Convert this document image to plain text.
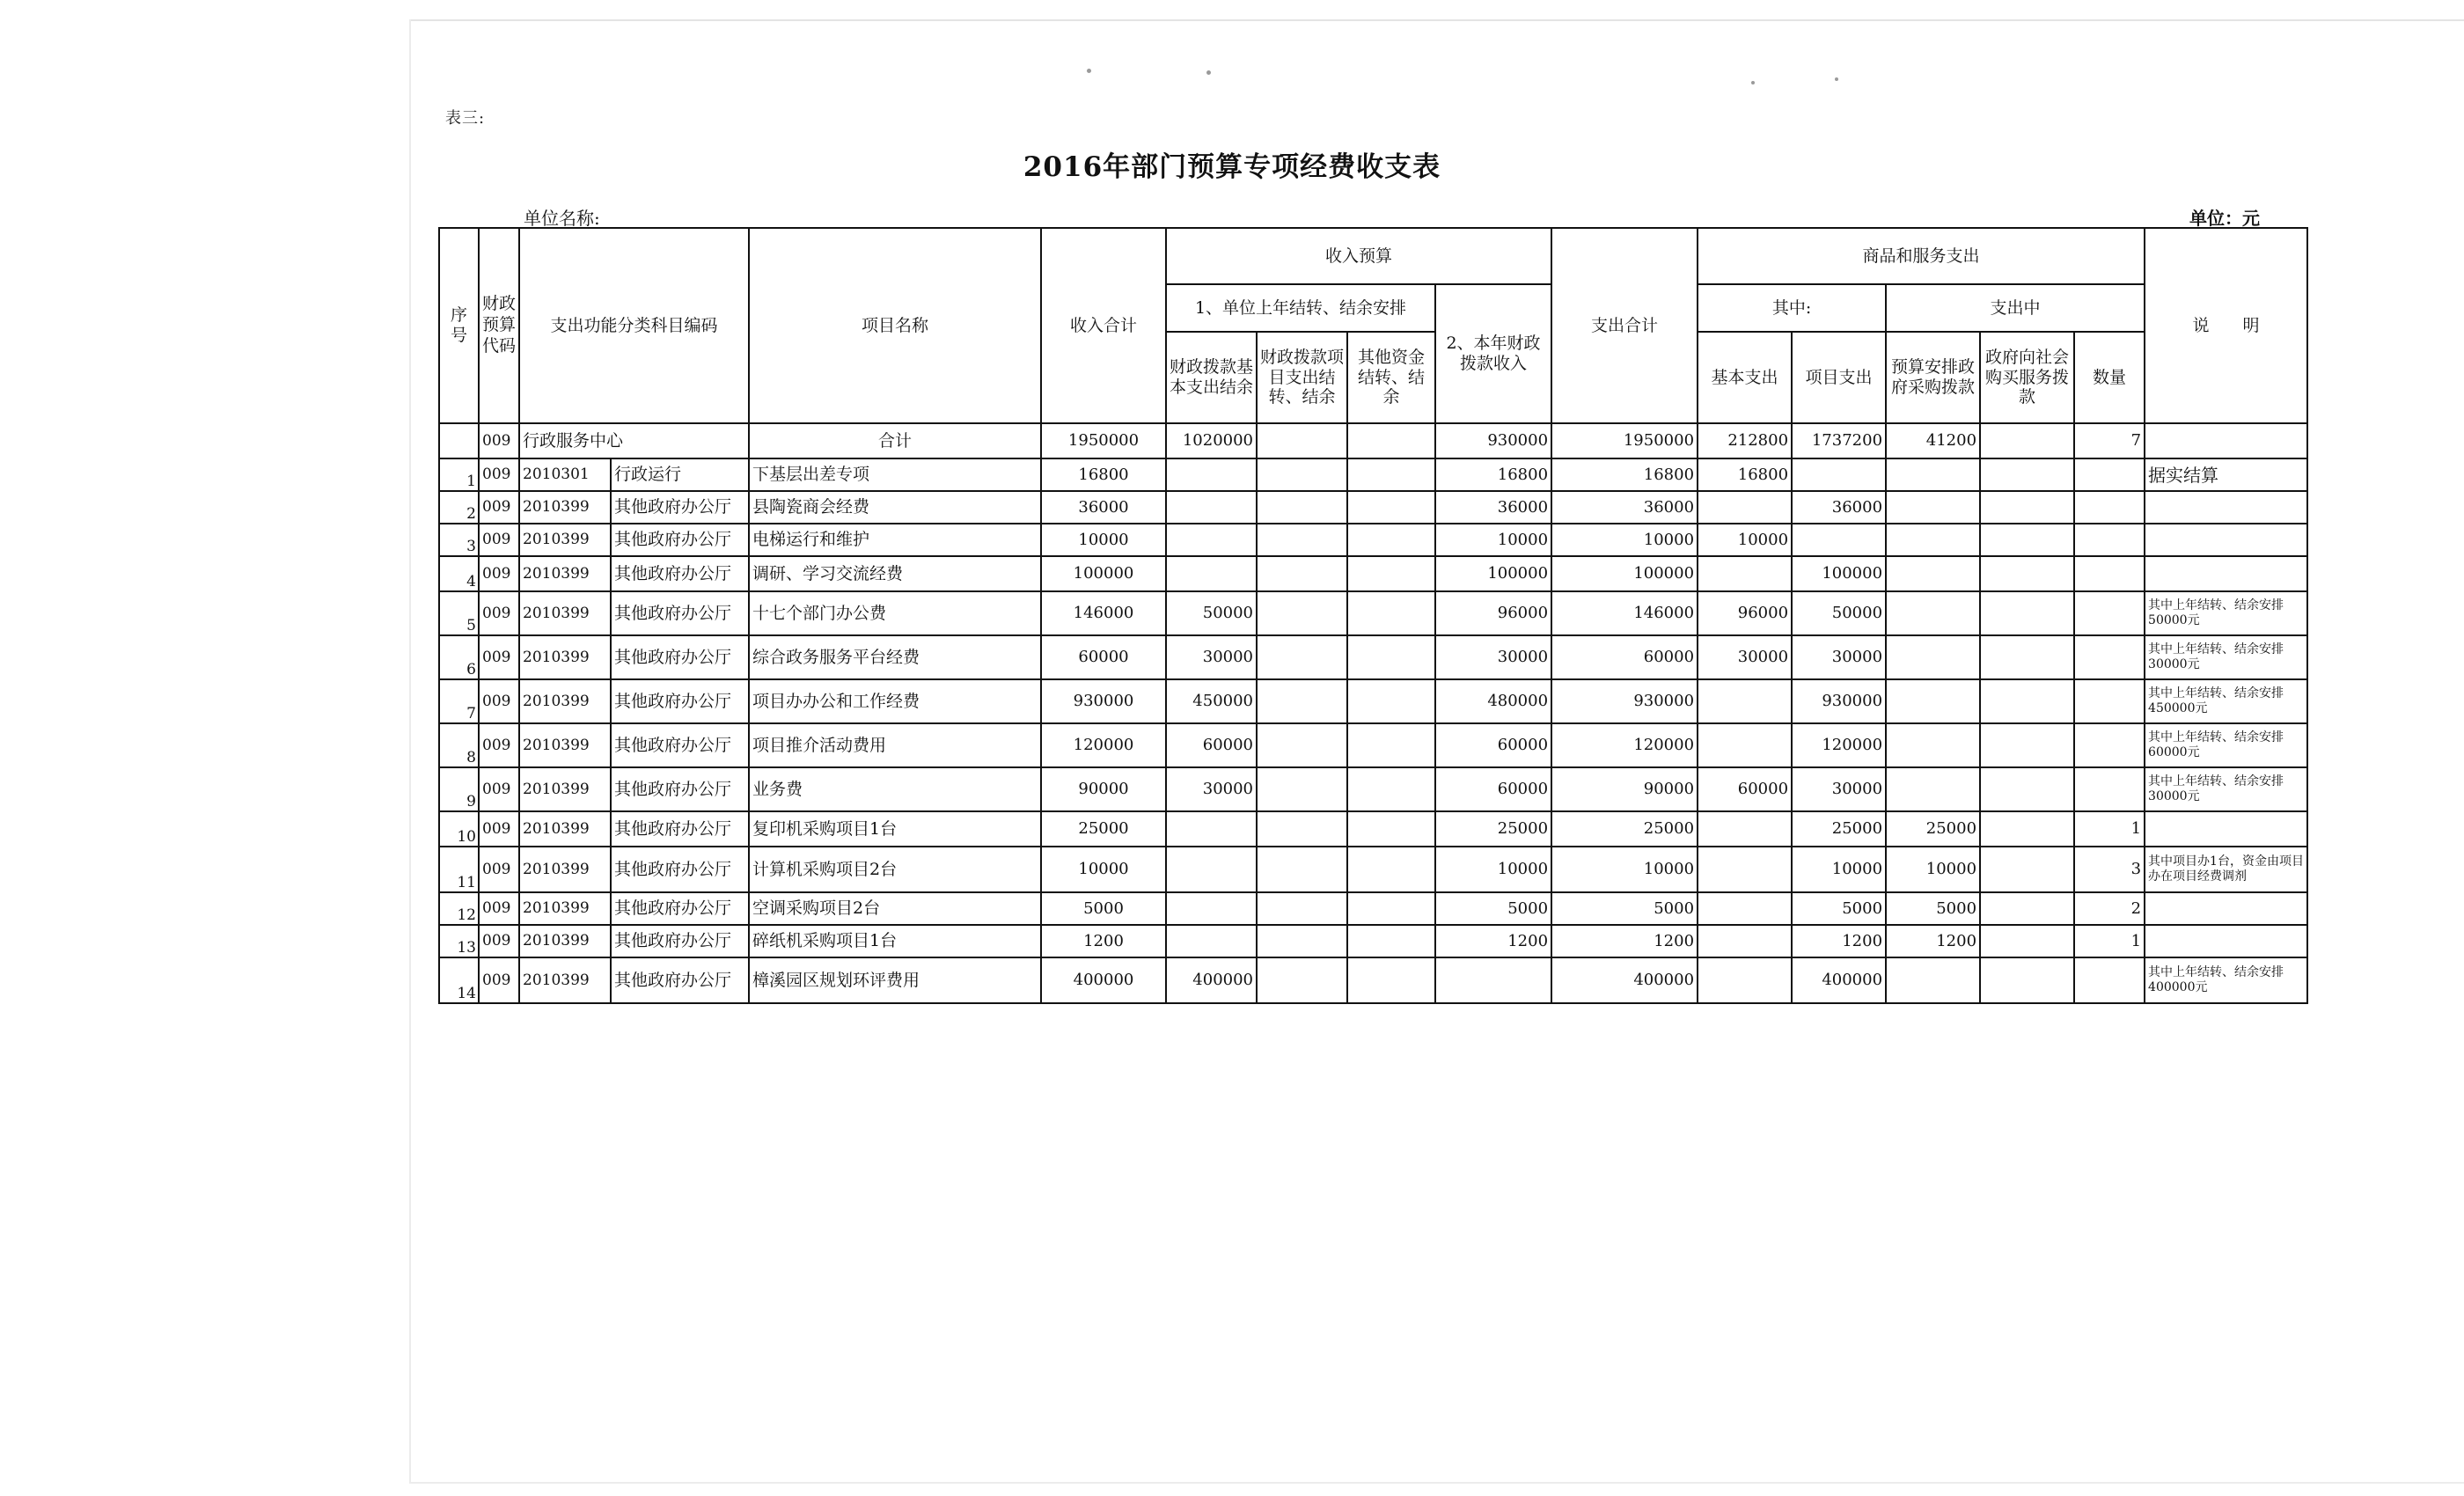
表三:
2016年部门预算专项经费收支表
单位名称:	单位：元
序号	财政预算代码	支出功能分类科目编码		项目名称	收入合计	收入预算				支出合计	商品和服务支出					说　　明
						1、单位上年结转、结余安排			2、本年财政拨款收入		其中:		支出中			
						财政拨款基本支出结余	财政拨款项目支出结转、结余	其他资金结转、结余			基本支出	项目支出	预算安排政府采购拨款	政府向社会购买服务拨款	数量	
	009	行政服务中心		合计	1950000	1020000			930000	1950000	212800	1737200	41200		7	
1	009	2010301	行政运行	下基层出差专项	16800				16800	16800	16800					据实结算
2	009	2010399	其他政府办公厅	县陶瓷商会经费	36000				36000	36000		36000				
3	009	2010399	其他政府办公厅	电梯运行和维护	10000				10000	10000	10000					
4	009	2010399	其他政府办公厅	调研、学习交流经费	100000				100000	100000		100000				
5	009	2010399	其他政府办公厅	十七个部门办公费	146000	50000			96000	146000	96000	50000				其中上年结转、结余安排50000元
6	009	2010399	其他政府办公厅	综合政务服务平台经费	60000	30000			30000	60000	30000	30000				其中上年结转、结余安排30000元
7	009	2010399	其他政府办公厅	项目办办公和工作经费	930000	450000			480000	930000		930000				其中上年结转、结余安排450000元
8	009	2010399	其他政府办公厅	项目推介活动费用	120000	60000			60000	120000		120000				其中上年结转、结余安排60000元
9	009	2010399	其他政府办公厅	业务费	90000	30000			60000	90000	60000	30000				其中上年结转、结余安排30000元
10	009	2010399	其他政府办公厅	复印机采购项目1台	25000				25000	25000		25000	25000		1	
11	009	2010399	其他政府办公厅	计算机采购项目2台	10000				10000	10000		10000	10000		3	其中项目办1台，资金由项目办在项目经费调剂
12	009	2010399	其他政府办公厅	空调采购项目2台	5000				5000	5000		5000	5000		2	
13	009	2010399	其他政府办公厅	碎纸机采购项目1台	1200				1200	1200		1200	1200		1	
14	009	2010399	其他政府办公厅	樟溪园区规划环评费用	400000	400000				400000		400000				其中上年结转、结余安排400000元
